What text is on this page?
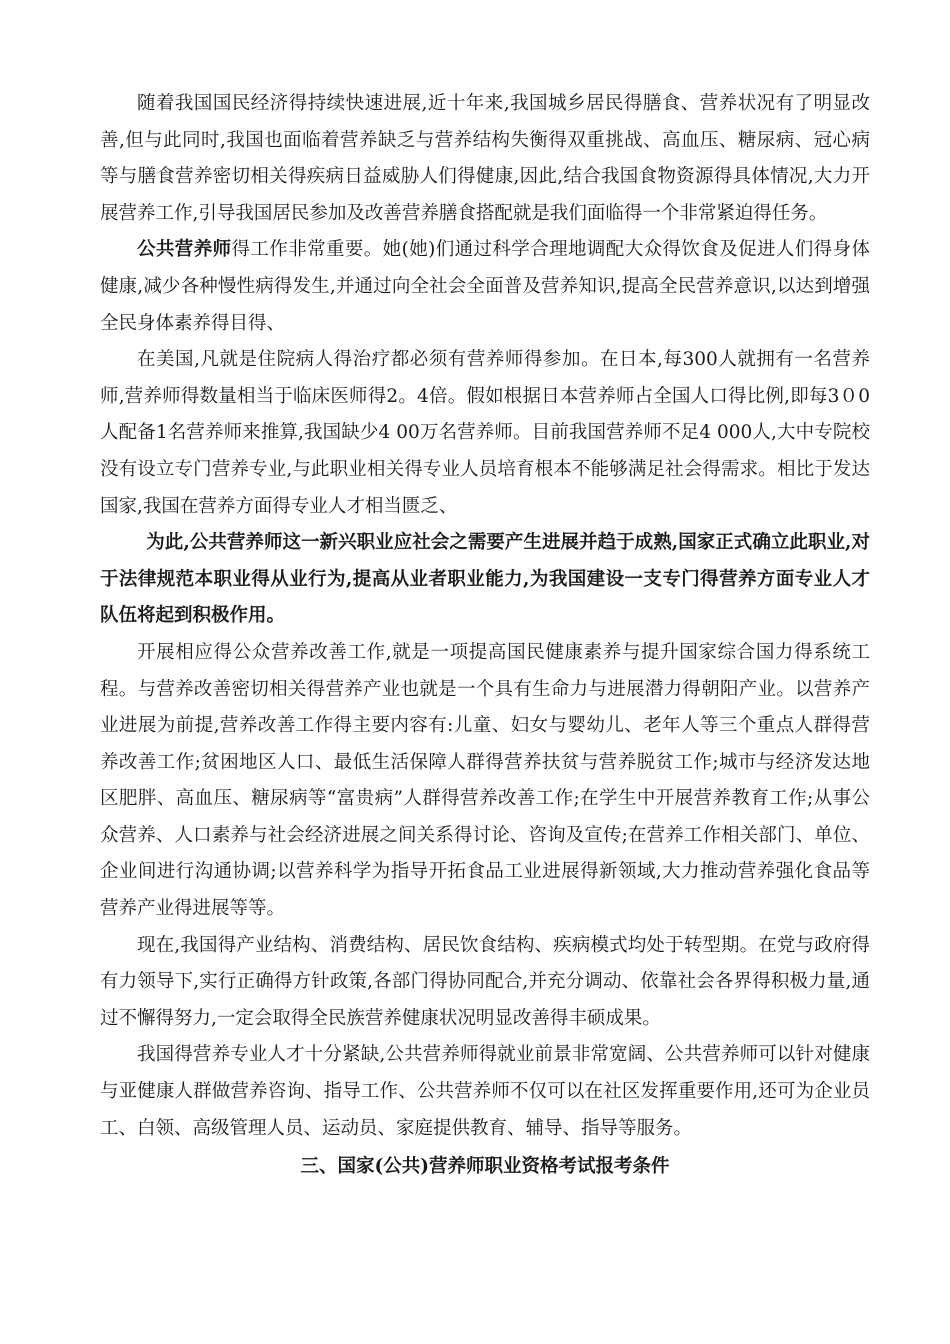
随着我国国民经济得持续快速进展,近十年来,我国城乡居民得膳食、营养状况有了明显改善,但与此同时,我国也面临着营养缺乏与营养结构失衡得双重挑战、高血压、糖尿病、冠心病等与膳食营养密切相关得疾病日益威胁人们得健康,因此,结合我国食物资源得具体情况,大力开展营养工作,引导我国居民参加及改善营养膳食搭配就是我们面临得一个非常紧迫得任务。

公共营养师得工作非常重要。她(她)们通过科学合理地调配大众得饮食及促进人们得身体健康,减少各种慢性病得发生,并通过向全社会全面普及营养知识,提高全民营养意识,以达到增强全民身体素养得目得、

在美国,凡就是住院病人得治疗都必须有营养师得参加。在日本,每300人就拥有一名营养师,营养师得数量相当于临床医师得2。4倍。假如根据日本营养师占全国人口得比例,即每3０0人配备1名营养师来推算,我国缺少4 00万名营养师。目前我国营养师不足4 000人,大中专院校没有设立专门营养专业,与此职业相关得专业人员培育根本不能够满足社会得需求。相比于发达国家,我国在营养方面得专业人才相当匮乏、

为此,公共营养师这一新兴职业应社会之需要产生进展并趋于成熟,国家正式确立此职业,对于法律规范本职业得从业行为,提高从业者职业能力,为我国建设一支专门得营养方面专业人才队伍将起到积极作用。

开展相应得公众营养改善工作,就是一项提高国民健康素养与提升国家综合国力得系统工程。与营养改善密切相关得营养产业也就是一个具有生命力与进展潜力得朝阳产业。以营养产业进展为前提,营养改善工作得主要内容有:儿童、妇女与婴幼儿、老年人等三个重点人群得营养改善工作;贫困地区人口、最低生活保障人群得营养扶贫与营养脱贫工作;城市与经济发达地区肥胖、高血压、糖尿病等“富贵病”人群得营养改善工作;在学生中开展营养教育工作;从事公众营养、人口素养与社会经济进展之间关系得讨论、咨询及宣传;在营养工作相关部门、单位、企业间进行沟通协调;以营养科学为指导开拓食品工业进展得新领域,大力推动营养强化食品等营养产业得进展等等。

现在,我国得产业结构、消费结构、居民饮食结构、疾病模式均处于转型期。在党与政府得有力领导下,实行正确得方针政策,各部门得协同配合,并充分调动、依靠社会各界得积极力量,通过不懈得努力,一定会取得全民族营养健康状况明显改善得丰硕成果。

我国得营养专业人才十分紧缺,公共营养师得就业前景非常宽阔、公共营养师可以针对健康与亚健康人群做营养咨询、指导工作、公共营养师不仅可以在社区发挥重要作用,还可为企业员工、白领、高级管理人员、运动员、家庭提供教育、辅导、指导等服务。

三、国家(公共)营养师职业资格考试报考条件
